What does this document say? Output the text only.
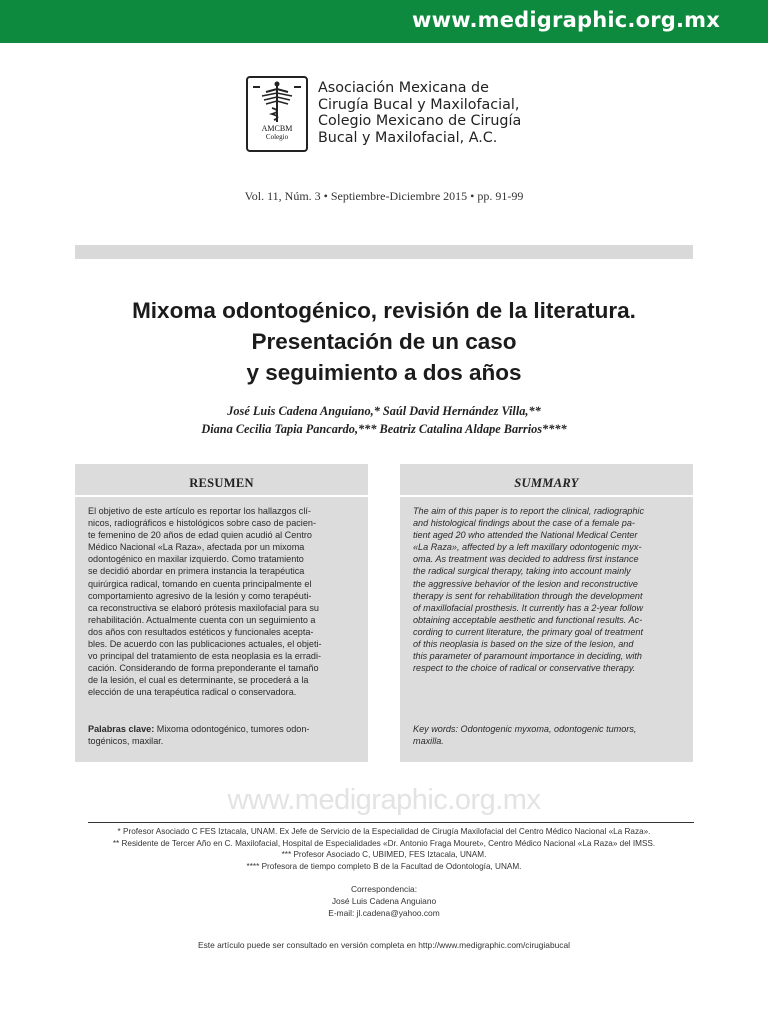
www.medigraphic.org.mx
AMCBM
Colegio
Asociación Mexicana de
Cirugía Bucal y Maxilofacial,
Colegio Mexicano de Cirugía
Bucal y Maxilofacial, A.C.
Vol. 11, Núm. 3 • Septiembre-Diciembre 2015 • pp. 91-99
Mixoma odontogénico, revisión de la literatura.
Presentación de un caso
y seguimiento a dos años
José Luis Cadena Anguiano,* Saúl David Hernández Villa,**
Diana Cecilia Tapia Pancardo,*** Beatriz Catalina Aldape Barrios****
RESUMEN
El objetivo de este artículo es reportar los hallazgos clí-
nicos, radiográficos e histológicos sobre caso de pacien-
te femenino de 20 años de edad quien acudió al Centro
Médico Nacional «La Raza», afectada por un mixoma
odontogénico en maxilar izquierdo. Como tratamiento
se decidió abordar en primera instancia la terapéutica
quirúrgica radical, tomando en cuenta principalmente el
comportamiento agresivo de la lesión y como terapéuti-
ca reconstructiva se elaboró prótesis maxilofacial para su
rehabilitación. Actualmente cuenta con un seguimiento a
dos años con resultados estéticos y funcionales acepta-
bles. De acuerdo con las publicaciones actuales, el objeti-
vo principal del tratamiento de esta neoplasia es la erradi-
cación. Considerando de forma preponderante el tamaño
de la lesión, el cual es determinante, se procederá a la
elección de una terapéutica radical o conservadora.
Palabras clave: Mixoma odontogénico, tumores odon-
togénicos, maxilar.
SUMMARY
The aim of this paper is to report the clinical, radiographic
and histological findings about the case of a female pa-
tient aged 20 who attended the National Medical Center
«La Raza», affected by a left maxillary odontogenic myx-
oma. As treatment was decided to address first instance
the radical surgical therapy, taking into account mainly
the aggressive behavior of the lesion and reconstructive
therapy is sent for rehabilitation through the development
of maxillofacial prosthesis. It currently has a 2-year follow
obtaining acceptable aesthetic and functional results. Ac-
cording to current literature, the primary goal of treatment
of this neoplasia is based on the size of the lesion, and
this parameter of paramount importance in deciding, with
respect to the choice of radical or conservative therapy.
Key words: Odontogenic myxoma, odontogenic tumors,
maxilla.
www.medigraphic.org.mx
* Profesor Asociado C FES Iztacala, UNAM. Ex Jefe de Servicio de la Especialidad de Cirugía Maxilofacial del Centro Médico Nacional «La Raza».
** Residente de Tercer Año en C. Maxilofacial, Hospital de Especialidades «Dr. Antonio Fraga Mouret», Centro Médico Nacional «La Raza» del IMSS.
*** Profesor Asociado C, UBIMED, FES Iztacala, UNAM.
**** Profesora de tiempo completo B de la Facultad de Odontología, UNAM.
Correspondencia:
José Luis Cadena Anguiano
E-mail: jl.cadena@yahoo.com
Este artículo puede ser consultado en versión completa en http://www.medigraphic.com/cirugiabucal
